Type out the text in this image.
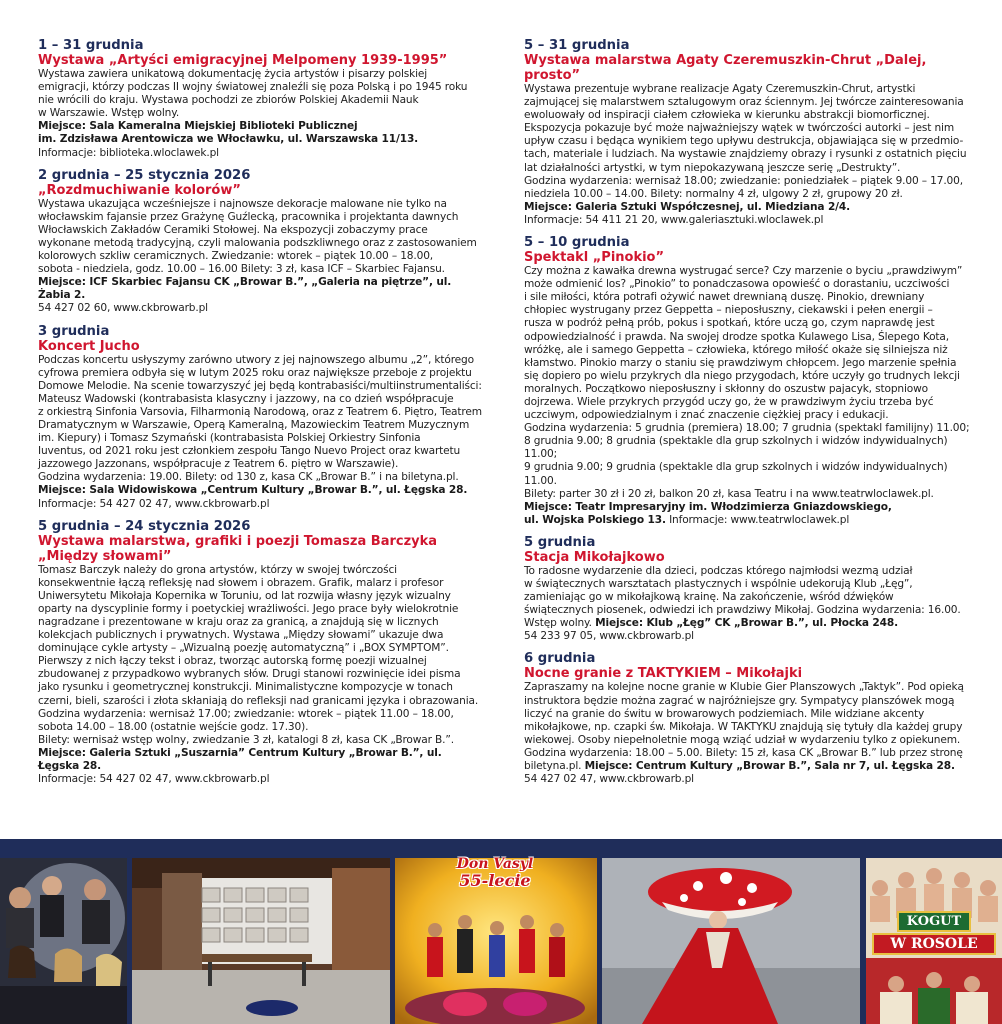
1 – 31 grudnia
Wystawa „Artyści emigracyjnej Melpomeny 1939-1995”
Wystawa zawiera unikatową dokumentację życia artystów i pisarzy polskiej
emigracji, którzy podczas II wojny światowej znaleźli się poza Polską i po 1945 roku
nie wrócili do kraju. Wystawa pochodzi ze zbiorów Polskiej Akademii Nauk
w Warszawie. Wstęp wolny.
Miejsce: Sala Kameralna Miejskiej Biblioteki Publicznej
im. Zdzisława Arentowicza we Włocławku, ul. Warszawska 11/13.
Informacje: biblioteka.wloclawek.pl
2 grudnia – 25 stycznia 2026
„Rozdmuchiwanie kolorów”
Wystawa ukazująca wcześniejsze i najnowsze dekoracje malowane nie tylko na
włocławskim fajansie przez Grażynę Guźlecką, pracownika i projektanta dawnych
Włocławskich Zakładów Ceramiki Stołowej. Na ekspozycji zobaczymy prace
wykonane metodą tradycyjną, czyli malowania podszkliwnego oraz z zastosowaniem
kolorowych szkliw ceramicznych. Zwiedzanie: wtorek – piątek 10.00 – 18.00,
sobota - niedziela, godz. 10.00 – 16.00 Bilety: 3 zł, kasa ICF – Skarbiec Fajansu.
Miejsce: ICF Skarbiec Fajansu CK „Browar B.”, „Galeria na piętrze”, ul. Żabia 2.
54 427 02 60, www.ckbrowarb.pl
3 grudnia
Koncert Jucho
Podczas koncertu usłyszymy zarówno utwory z jej najnowszego albumu „2”, którego
cyfrowa premiera odbyła się w lutym 2025 roku oraz największe przeboje z projektu
Domowe Melodie. Na scenie towarzyszyć jej będą kontrabasiści/multiinstrumentaliści:
Mateusz Wadowski (kontrabasista klasyczny i jazzowy, na co dzień współpracuje
z orkiestrą Sinfonia Varsovia, Filharmonią Narodową, oraz z Teatrem 6. Piętro, Teatrem
Dramatycznym w Warszawie, Operą Kameralną, Mazowieckim Teatrem Muzycznym
im. Kiepury) i Tomasz Szymański (kontrabasista Polskiej Orkiestry Sinfonia
Iuventus, od 2021 roku jest członkiem zespołu Tango Nuevo Project oraz kwartetu
jazzowego Jazzonans, współpracuje z Teatrem 6. piętro w Warszawie).
Godzina wydarzenia: 19.00. Bilety: od 130 z, kasa CK „Browar B.” i na biletyna.pl.
Miejsce: Sala Widowiskowa „Centrum Kultury „Browar B.”, ul. Łęgska 28.
Informacje: 54 427 02 47, www.ckbrowarb.pl
5 grudnia – 24 stycznia 2026
Wystawa malarstwa, grafiki i poezji Tomasza Barczyka
„Między słowami”
Tomasz Barczyk należy do grona artystów, którzy w swojej twórczości
konsekwentnie łączą refleksję nad słowem i obrazem. Grafik, malarz i profesor
Uniwersytetu Mikołaja Kopernika w Toruniu, od lat rozwija własny język wizualny
oparty na dyscyplinie formy i poetyckiej wrażliwości. Jego prace były wielokrotnie
nagradzane i prezentowane w kraju oraz za granicą, a znajdują się w licznych
kolekcjach publicznych i prywatnych. Wystawa „Między słowami” ukazuje dwa
dominujące cykle artysty – „Wizualną poezję automatyczną” i „BOX SYMPTOM”.
Pierwszy z nich łączy tekst i obraz, tworząc autorską formę poezji wizualnej
zbudowanej z przypadkowo wybranych słów. Drugi stanowi rozwinięcie idei pisma
jako rysunku i geometrycznej konstrukcji. Minimalistyczne kompozycje w tonach
czerni, bieli, szarości i złota skłaniają do refleksji nad granicami języka i obrazowania.
Godzina wydarzenia: wernisaż 17.00; zwiedzanie: wtorek – piątek 11.00 – 18.00,
sobota 14.00 – 18.00 (ostatnie wejście godz. 17.30).
Bilety: wernisaż wstęp wolny, zwiedzanie 3 zł, katalogi 8 zł, kasa CK „Browar B.”.
Miejsce: Galeria Sztuki „Suszarnia” Centrum Kultury „Browar B.”, ul. Łęgska 28.
Informacje: 54 427 02 47, www.ckbrowarb.pl
5 – 31 grudnia
Wystawa malarstwa Agaty Czeremuszkin-Chrut „Dalej, prosto”
Wystawa prezentuje wybrane realizacje Agaty Czeremuszkin-Chrut, artystki
zajmującej się malarstwem sztalugowym oraz ściennym. Jej twórcze zainteresowania
ewoluowały od inspiracji ciałem człowieka w kierunku abstrakcji biomorficznej.
Ekspozycja pokazuje być może najważniejszy wątek w twórczości autorki – jest nim
upływ czasu i będąca wynikiem tego upływu destrukcja, objawiająca się w przedmio-
tach, materiale i ludziach. Na wystawie znajdziemy obrazy i rysunki z ostatnich pięciu
lat działalności artystki, w tym niepokazywaną jeszcze serię „Destrukty”.
Godzina wydarzenia: wernisaż 18.00; zwiedzanie: poniedziałek – piątek 9.00 – 17.00,
niedziela 10.00 – 14.00. Bilety: normalny 4 zł, ulgowy 2 zł, grupowy 20 zł.
Miejsce: Galeria Sztuki Współczesnej, ul. Miedziana 2/4.
Informacje: 54 411 21 20, www.galeriasztuki.wloclawek.pl
5 – 10 grudnia
Spektakl „Pinokio”
Czy można z kawałka drewna wystrugać serce? Czy marzenie o byciu „prawdziwym”
może odmienić los? „Pinokio” to ponadczasowa opowieść o dorastaniu, uczciwości
i sile miłości, która potrafi ożywić nawet drewnianą duszę. Pinokio, drewniany
chłopiec wystrugany przez Geppetta – nieposłuszny, ciekawski i pełen energii –
rusza w podróż pełną prób, pokus i spotkań, które uczą go, czym naprawdę jest
odpowiedzialność i prawda. Na swojej drodze spotka Kulawego Lisa, Ślepego Kota,
wróżkę, ale i samego Geppetta – człowieka, którego miłość okaże się silniejsza niż
kłamstwo. Pinokio marzy o staniu się prawdziwym chłopcem. Jego marzenie spełnia
się dopiero po wielu przykrych dla niego przygodach, które uczyły go trudnych lekcji
moralnych. Początkowo nieposłuszny i skłonny do oszustw pajacyk, stopniowo
dojrzewa. Wiele przykrych przygód uczy go, że w prawdziwym życiu trzeba być
uczciwym, odpowiedzialnym i znać znaczenie ciężkiej pracy i edukacji.
Godzina wydarzenia: 5 grudnia (premiera) 18.00; 7 grudnia (spektakl familijny) 11.00;
8 grudnia 9.00; 8 grudnia (spektakle dla grup szkolnych i widzów indywidualnych) 11.00;
9 grudnia 9.00; 9 grudnia (spektakle dla grup szkolnych i widzów indywidualnych) 11.00.
Bilety: parter 30 zł i 20 zł, balkon 20 zł, kasa Teatru i na www.teatrwloclawek.pl.
Miejsce: Teatr Impresaryjny im. Włodzimierza Gniazdowskiego,
ul. Wojska Polskiego 13. Informacje: www.teatrwloclawek.pl
5 grudnia
Stacja Mikołajkowo
To radosne wydarzenie dla dzieci, podczas którego najmłodsi wezmą udział
w świątecznych warsztatach plastycznych i wspólnie udekorują Klub „Łęg”,
zamieniając go w mikołajkową krainę. Na zakończenie, wśród dźwięków
świątecznych piosenek, odwiedzi ich prawdziwy Mikołaj. Godzina wydarzenia: 16.00.
Wstęp wolny. Miejsce: Klub „Łęg” CK „Browar B.”, ul. Płocka 248.
54 233 97 05, www.ckbrowarb.pl
6 grudnia
Nocne granie z TAKTYKIEM – Mikołajki
Zapraszamy na kolejne nocne granie w Klubie Gier Planszowych „Taktyk”. Pod opieką
instruktora będzie można zagrać w najróżniejsze gry. Sympatycy planszówek mogą
liczyć na granie do świtu w browarowych podziemiach. Mile widziane akcenty
mikołajkowe, np. czapki św. Mikołaja. W TAKTYKU znajdują się tytuły dla każdej grupy
wiekowej. Osoby niepełnoletnie mogą wziąć udział w wydarzeniu tylko z opiekunem.
Godzina wydarzenia: 18.00 – 5.00. Bilety: 15 zł, kasa CK „Browar B.” lub przez stronę
biletyna.pl. Miejsce: Centrum Kultury „Browar B.”, Sala nr 7, ul. Łęgska 28.
54 427 02 47, www.ckbrowarb.pl
Don Vasyl
55-lecie
KOGUT
W ROSOLE
